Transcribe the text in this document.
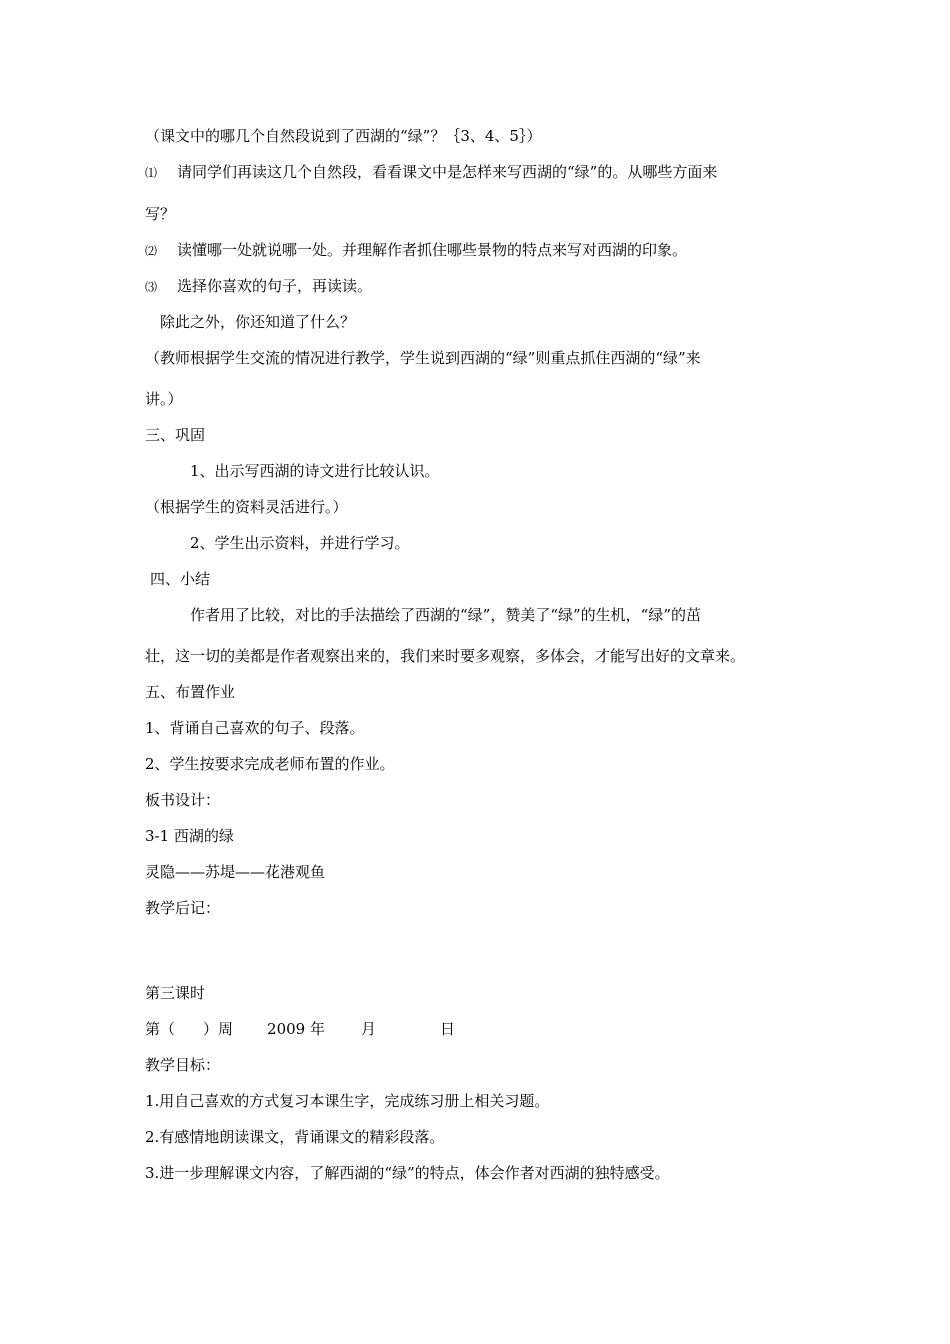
（课文中的哪几个自然段说到了西湖的“绿”？｛3、4、5｝）
⑴ 请同学们再读这几个自然段，看看课文中是怎样来写西湖的“绿”的。从哪些方面来
写？
⑵ 读懂哪一处就说哪一处。并理解作者抓住哪些景物的特点来写对西湖的印象。
⑶ 选择你喜欢的句子，再读读。
除此之外，你还知道了什么？
（教师根据学生交流的情况进行教学，学生说到西湖的“绿”则重点抓住西湖的“绿”来
讲。）
三、巩固
1、出示写西湖的诗文进行比较认识。
（根据学生的资料灵活进行。）
2、学生出示资料，并进行学习。
四、小结
作者用了比较，对比的手法描绘了西湖的“绿”，赞美了“绿”的生机，“绿”的茁
壮，这一切的美都是作者观察出来的，我们来时要多观察，多体会，才能写出好的文章来。
五、布置作业
1、背诵自己喜欢的句子、段落。
2、学生按要求完成老师布置的作业。
板书设计：
3-1 西湖的绿
灵隐——苏堤——花港观鱼
教学后记：
第三课时
第（ ）周 2009 年 月	日
教学目标：
1.用自己喜欢的方式复习本课生字，完成练习册上相关习题。
2.有感情地朗读课文，背诵课文的精彩段落。
3.进一步理解课文内容，了解西湖的“绿”的特点，体会作者对西湖的独特感受。
